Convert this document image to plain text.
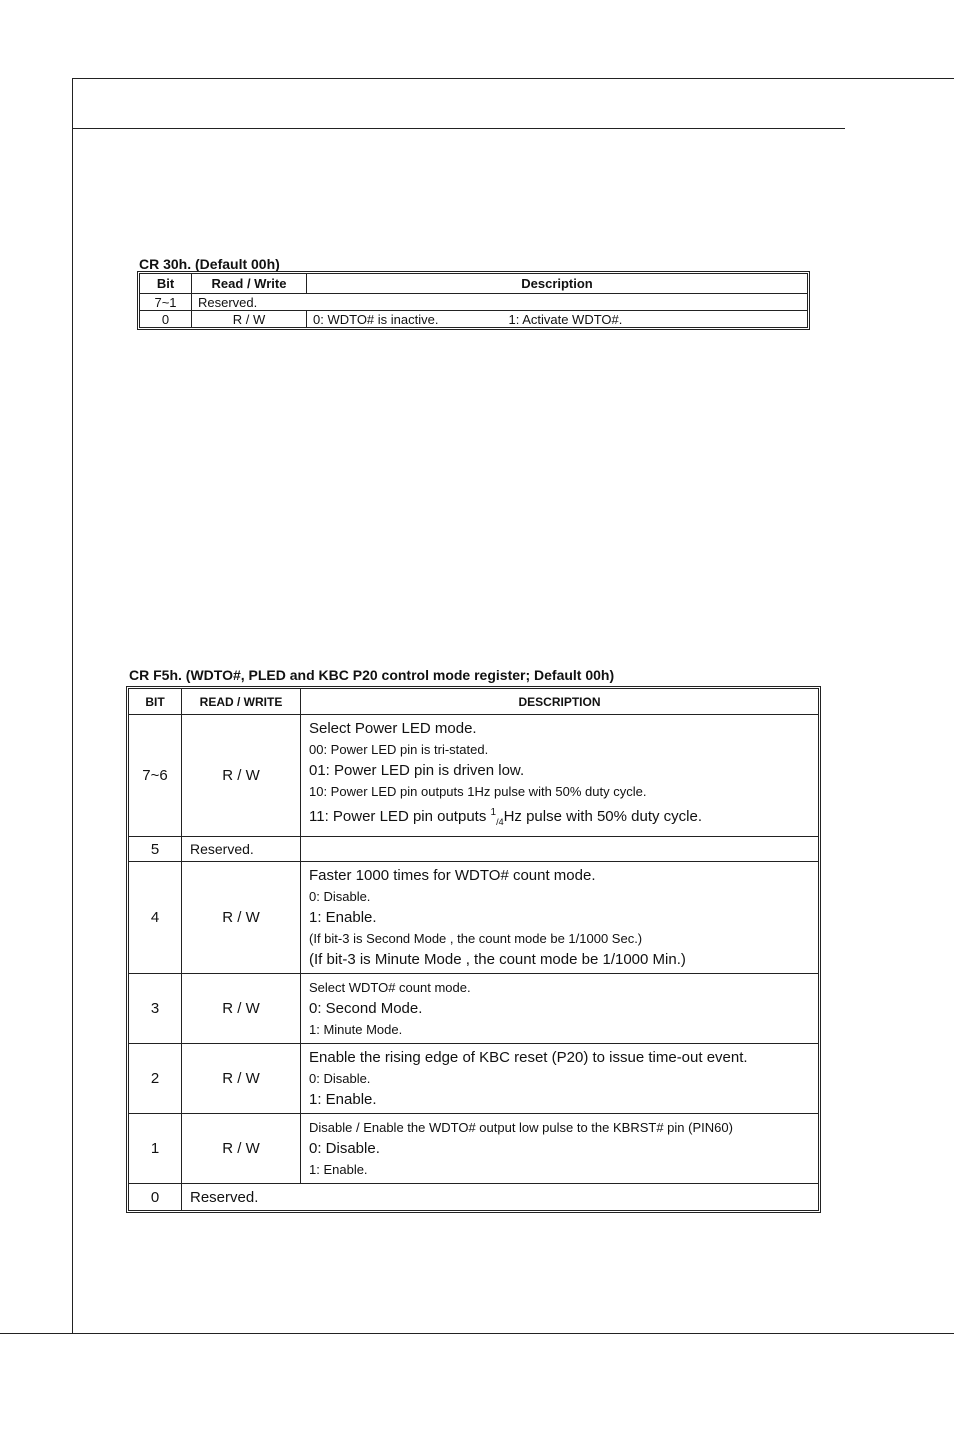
CR 30h. (Default 00h)
Bit	Read / Write	Description
7~1	Reserved.	
0	R / W	0: WDTO# is inactive. 1: Activate WDTO#.
CR F5h. (WDTO#, PLED and KBC P20 control mode register; Default 00h)
BIT	READ / WRITE	DESCRIPTION
7~6	R / W	Select Power LED mode.
00: Power LED pin is tri-stated.
01: Power LED pin is driven low.
10: Power LED pin outputs 1Hz pulse with 50% duty cycle.
11: Power LED pin outputs $^1_{/4}$Hz pulse with 50% duty cycle.

5	Reserved.	
4	R / W	Faster 1000 times for WDTO# count mode.
0: Disable.
1: Enable.
(If bit-3 is Second Mode , the count mode be 1/1000 Sec.)
(If bit-3 is Minute Mode , the count mode be 1/1000 Min.)

3	R / W	Select WDTO# count mode.
0: Second Mode.
1: Minute Mode.

2	R / W	Enable the rising edge of KBC reset (P20) to issue time-out event.
0: Disable.
1: Enable.

1	R / W	Disable / Enable the WDTO# output low pulse to the KBRST# pin (PIN60)
0: Disable.
1: Enable.

0	Reserved.	
